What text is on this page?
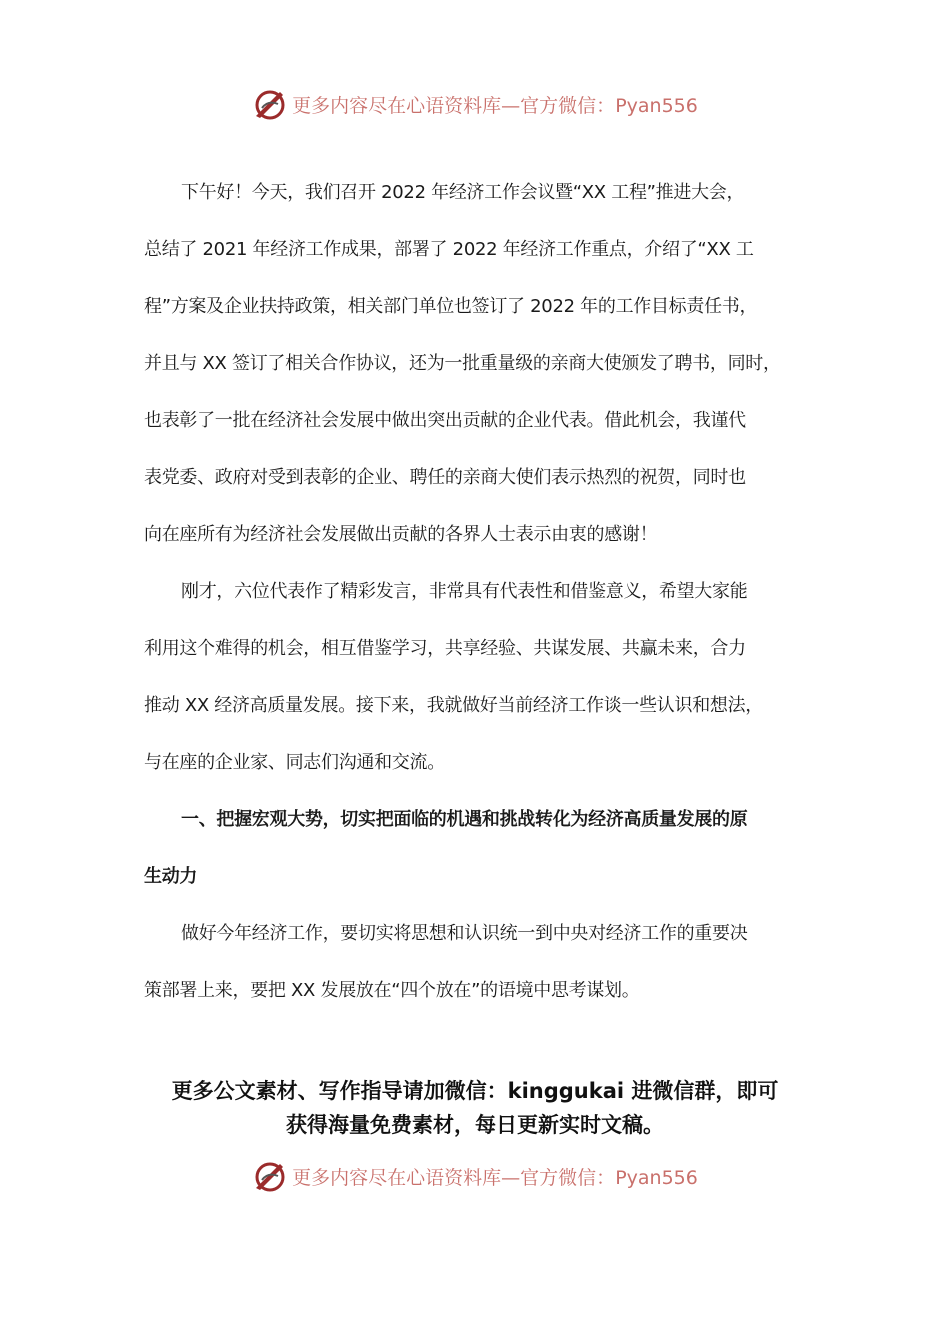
更多内容尽在心语资料库—官方微信：Pyan556
下午好！今天，我们召开 2022 年经济工作会议暨“XX 工程”推进大会，
总结了 2021 年经济工作成果，部署了 2022 年经济工作重点，介绍了“XX 工
程”方案及企业扶持政策，相关部门单位也签订了 2022 年的工作目标责任书，
并且与 XX 签订了相关合作协议，还为一批重量级的亲商大使颁发了聘书，同时，
也表彰了一批在经济社会发展中做出突出贡献的企业代表。借此机会，我谨代
表党委、政府对受到表彰的企业、聘任的亲商大使们表示热烈的祝贺，同时也
向在座所有为经济社会发展做出贡献的各界人士表示由衷的感谢！
刚才，六位代表作了精彩发言，非常具有代表性和借鉴意义，希望大家能
利用这个难得的机会，相互借鉴学习，共享经验、共谋发展、共赢未来，合力
推动 XX 经济高质量发展。接下来，我就做好当前经济工作谈一些认识和想法，
与在座的企业家、同志们沟通和交流。
一、把握宏观大势，切实把面临的机遇和挑战转化为经济高质量发展的原
生动力
做好今年经济工作，要切实将思想和认识统一到中央对经济工作的重要决
策部署上来，要把 XX 发展放在“四个放在”的语境中思考谋划。
更多公文素材、写作指导请加微信：kinggukai 进微信群，即可
获得海量免费素材，每日更新实时文稿。
更多内容尽在心语资料库—官方微信：Pyan556
